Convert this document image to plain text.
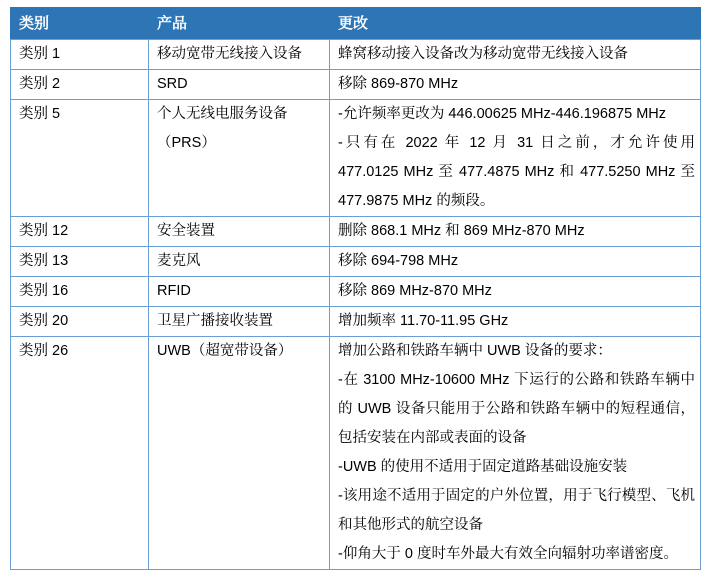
类别	产品	更改
类别 1	移动宽带无线接入设备	蜂窝移动接入设备改为移动宽带无线接入设备

类别 2	SRD	移除 869-870 MHz

类别 5	个人无线电服务设备（PRS）	-允许频率更改为 446.00625 MHz-446.196875 MHz
-只有在 2022 年 12 月 31 日之前，才允许使用 477.0125 MHz 至 477.4875 MHz 和 477.5250 MHz 至 477.9875 MHz 的频段。

类别 12	安全装置	删除 868.1 MHz 和 869 MHz-870 MHz

类别 13	麦克风	移除 694-798 MHz

类别 16	RFID	移除 869 MHz-870 MHz

类别 20	卫星广播接收装置	增加频率 11.70-11.95 GHz

类别 26	UWB（超宽带设备）	增加公路和铁路车辆中 UWB 设备的要求：
-在 3100 MHz-10600 MHz 下运行的公路和铁路车辆中的 UWB 设备只能用于公路和铁路车辆中的短程通信，包括安装在内部或表面的设备
-UWB 的使用不适用于固定道路基础设施安装
-该用途不适用于固定的户外位置，用于飞行模型、飞机和其他形式的航空设备
-仰角大于 0 度时车外最大有效全向辐射功率谱密度。
